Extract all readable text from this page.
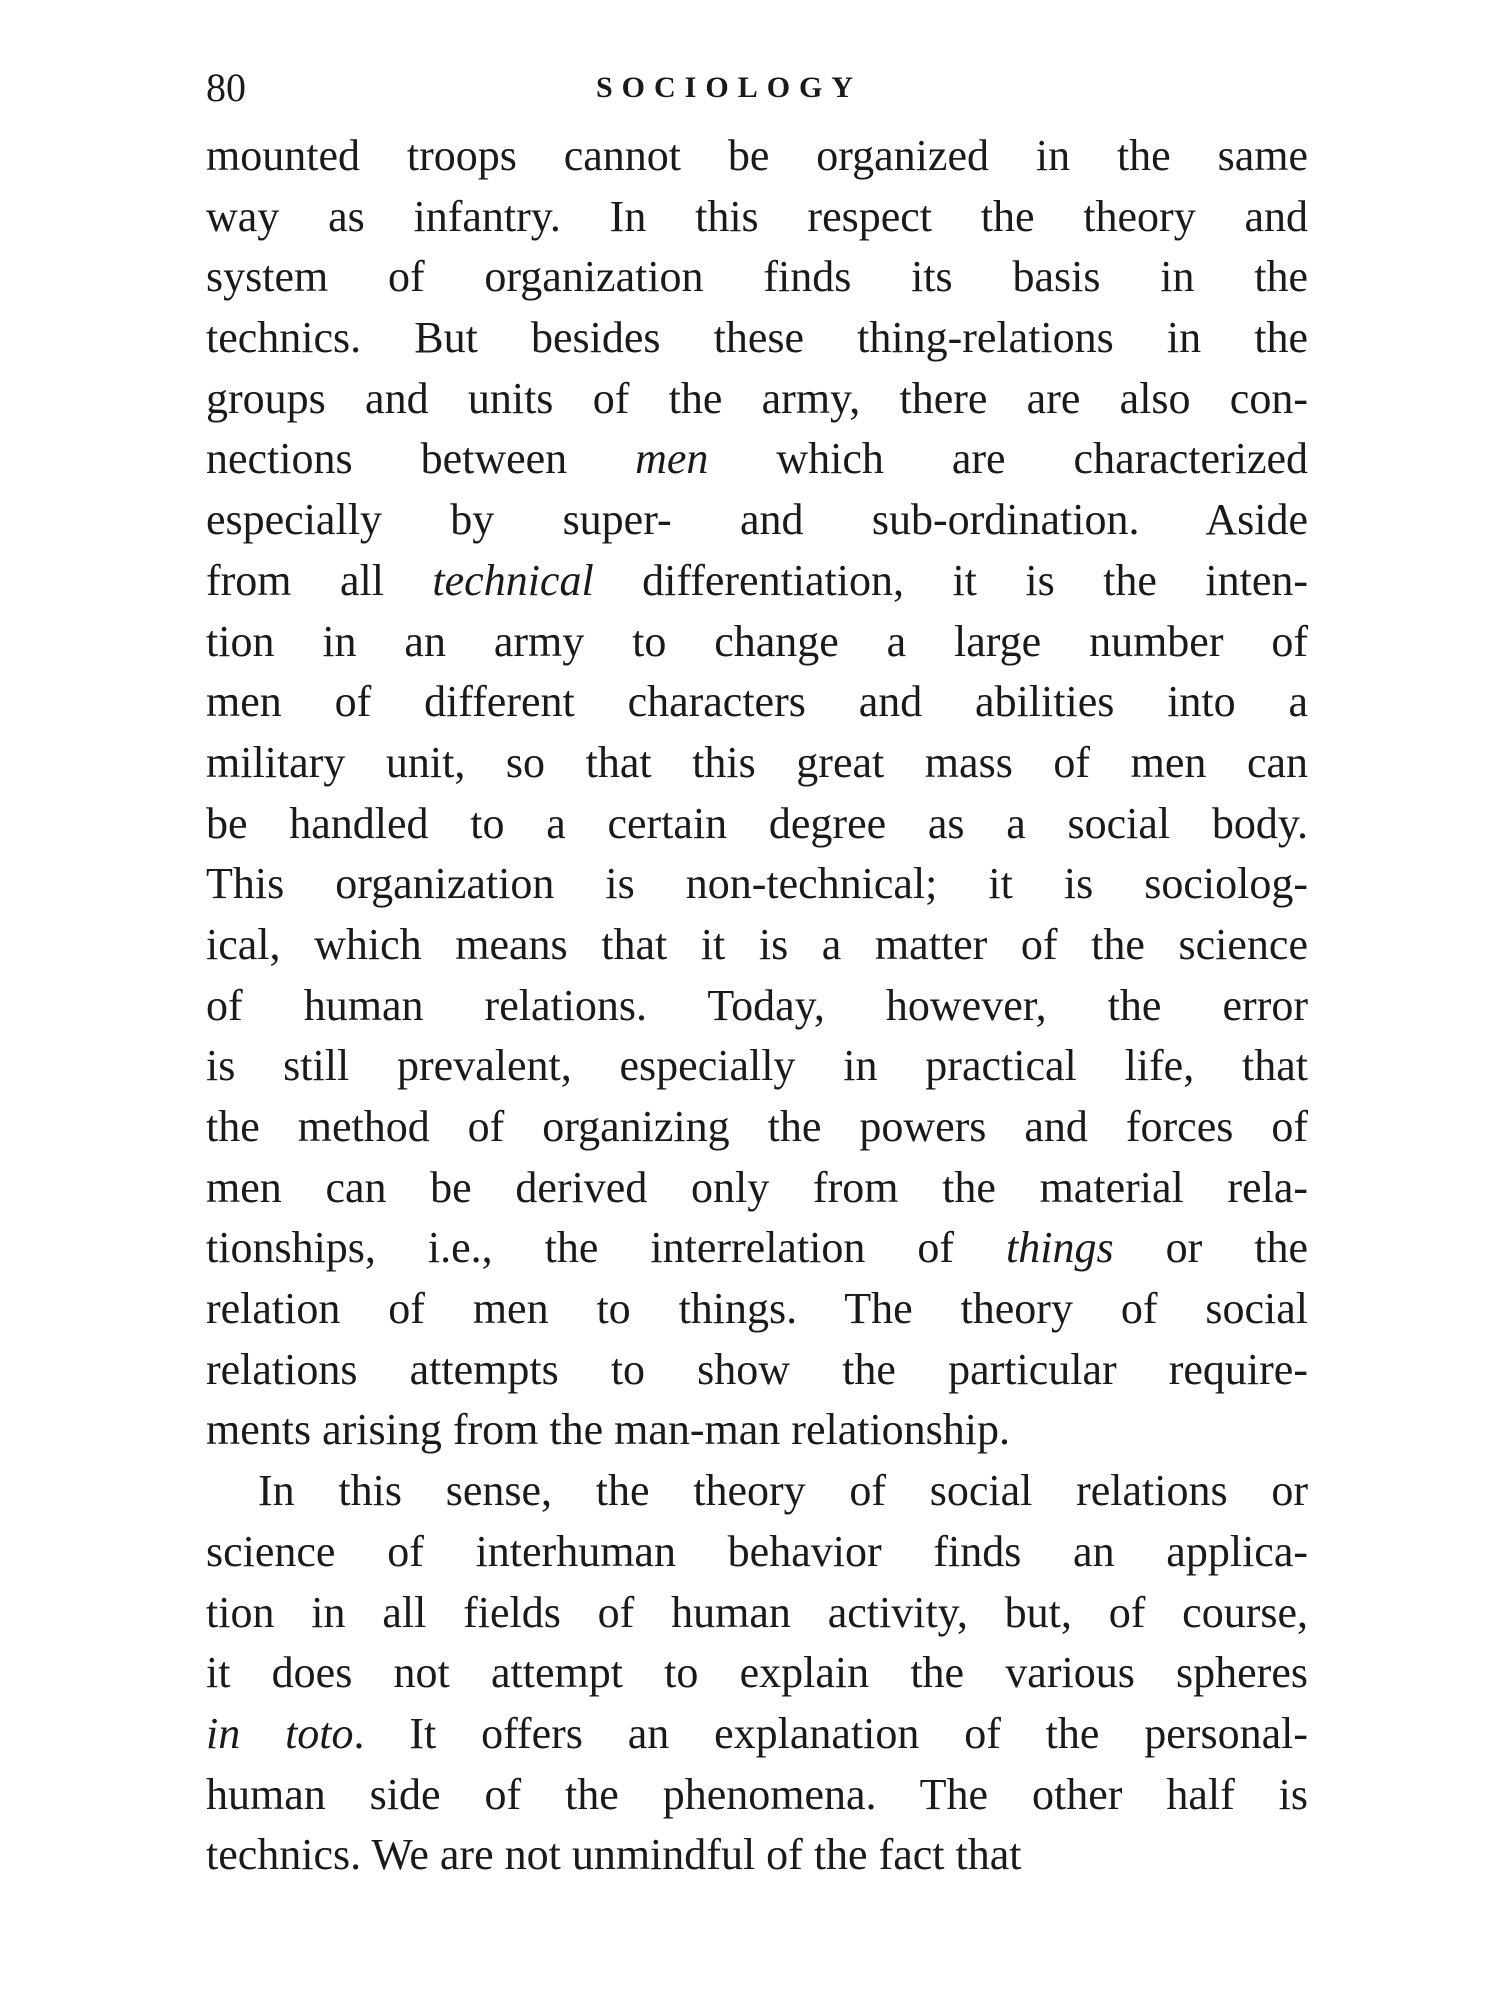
80	SOCIOLOGY
mounted troops cannot be organized in the same
way as infantry. In this respect the theory and
system of organization finds its basis in the
technics. But besides these thing-relations in the
groups and units of the army, there are also con-
nections between men which are characterized
especially by super- and sub-ordination. Aside
from all technical differentiation, it is the inten-
tion in an army to change a large number of
men of different characters and abilities into a
military unit, so that this great mass of men can
be handled to a certain degree as a social body.
This organization is non-technical; it is sociolog-
ical, which means that it is a matter of the science
of human relations. Today, however, the error
is still prevalent, especially in practical life, that
the method of organizing the powers and forces of
men can be derived only from the material rela-
tionships, i.e., the interrelation of things or the
relation of men to things. The theory of social
relations attempts to show the particular require-
ments arising from the man-man relationship.
In this sense, the theory of social relations or
science of interhuman behavior finds an applica-
tion in all fields of human activity, but, of course,
it does not attempt to explain the various spheres
in toto. It offers an explanation of the personal-
human side of the phenomena. The other half is
technics. We are not unmindful of the fact that
